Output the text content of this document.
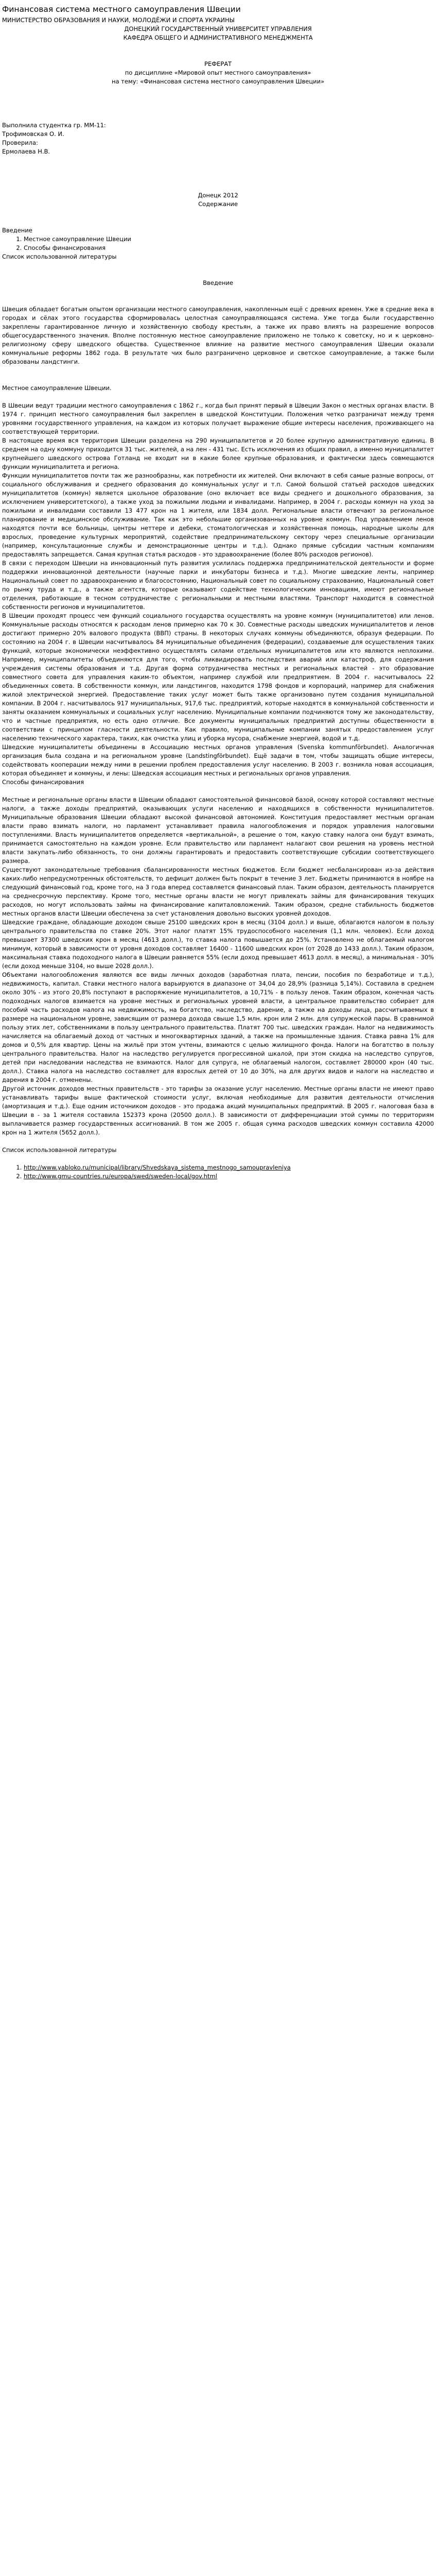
Финансовая система местного самоуправления Швеции

МИНИСТЕРСТВО ОБРАЗОВАНИЯ И НАУКИ, МОЛОДЁЖИ И СПОРТА УКРАИНЫ

ДОНЕЦКИЙ ГОСУДАРСТВЕННЫЙ УНИВЕРСИТЕТ УПРАВЛЕНИЯ

КАФЕДРА ОБЩЕГО И АДМИНИСТРАТИВНОГО МЕНЕДЖМЕНТА

РЕФЕРАТ
по дисциплине «Мировой опыт местного самоуправления»
на тему: «Финансовая система местного самоуправления Швеции»
Выполнила студентка гр. ММ-11:
Трофимовская О. И.
Проверила:
Ермолаева Н.В.
Донецк 2012
Содержание
Введение
1. Местное самоуправление Швеции
2. Способы финансирования
Список использованной литературы
Введение

Швеция обладает богатым опытом организации местного самоуправления, накопленным ещё с древних времен. Уже в средние века в городах и сёлах этого государства сформировалась целостная самоуправляющаяся система. Уже тогда были государственно закреплены гарантированное личную и хозяйственную свободу крестьян, а также их право влиять на разрешение вопросов общегосударственного значения. Вполне постоянную местное самоуправление приложено не только к советску, но и к церковно-религиозному сферу шведского общества. Существенное влияние на развитие местного самоуправления Швеции оказали коммунальные реформы 1862 года. В результате чих было разграничено церковное и светское самоуправление, а также были образованы ландстинги.

Местное самоуправление Швеции.

В Швеции ведут традиции местного самоуправления с 1862 г., когда был принят первый в Швеции Закон о местных органах власти. В 1974 г. принцип местного самоуправления был закреплен в шведской Конституции. Положения четко разграничат между тремя уровнями государственного управления, на каждом из которых получает выражение общие интересы населения, проживающего на соответствующей территории.

В настоящее время вся территория Швеции разделена на 290 муниципалитетов и 20 более крупную административную единиц. В среднем на одну коммуну приходится 31 тыс. жителей, а на лен - 431 тыс. Есть исключения из общих правил, а именно муниципалитет крупнейшего шведского острова Готланд не входит ни в какие более крупные образования, и фактически здесь совмещаются функции муниципалитета и региона.

Функции муниципалитетов почти так же разнообразны, как потребности их жителей. Они включают в себя самые разные вопросы, от социального обслуживания и среднего образования до коммунальных услуг и т.п. Самой большой статьей расходов шведских муниципалитетов (коммун) является школьное образование (оно включает все виды среднего и дошкольного образования, за исключением университетского), а также уход за пожилыми людьми и инвалидами. Например, в 2004 г. расходы коммун на уход за пожилыми и инвалидами составили 13 477 крон на 1 жителя, или 1834 долл. Региональные власти отвечают за региональное планирование и медицинское обслуживание. Так как это небольшие организованных на уровне коммун. Под управлением ленов находятся почти все больницы, центры неттере и дебеки, стоматологическая и хозяйственная помощь, народные школы для взрослых, проведение культурных мероприятий, содействие предпринимательскому сектору через специальные организации (например, консультационные службы и демонстрационные центры и т.д.). Однако прямые субсидии частным компаниям предоставлять запрещается. Самая крупная статья расходов - это здравоохранение (более 80% расходов регионов).

В связи с переходом Швеции на инновационный путь развития усилилась поддержка предпринимательской деятельности и форме поддержки инновационной деятельности (научные парки и инкубаторы бизнеса и т.д.). Многие шведские ленты, например Национальный совет по здравоохранению и благосостоянию, Национальный совет по социальному страхованию, Национальный совет по рынку труда и т.д., а также агентств, которые оказывают содействие технологическим инновациям, имеют региональные отделения, работающие в тесном сотрудничестве с региональными и местными властями. Транспорт находится в совместной собственности регионов и муниципалитетов.

В Швеции проходят процесс чем функций социального государства осуществлять на уровне коммун (муниципалитетов) или ленов. Коммунальные расходы относятся к расходам ленов примерно как 70 к 30. Совместные расходы шведских муниципалитетов и ленов достигают примерно 20% валового продукта (ВВП) страны. В некоторых случаях коммуны объединяются, образуя федерации. По состоянию на 2004 г. в Швеции насчитывалось 84 муниципальные объединения (федерации), создаваемые для осуществления таких функций, которые экономически неэффективно осуществлять силами отдельных муниципалитетов или кто являются неплохими. Например, муниципалитеты объединяются для того, чтобы ликвидировать последствия аварий или катастроф, для содержания учреждения системы образования и т.д. Другая форма сотрудничества местных и региональных властей - это образование совместного совета для управления каким-то объектом, например службой или предприятием. В 2004 г. насчитывалось 22 объединенных совета. В собственности коммун, или ландстингов, находится 1798 фондов и корпораций, например для снабжения жилой электрической энергией. Предоставление таких услуг может быть также организовано путем создания муниципальной компании. В 2004 г. насчитывалось 917 муниципальных, 917,6 тыс. предприятий, которые находятся в коммунальной собственности и заняты оказанием коммунальных и социальных услуг населению. Муниципальные компании подчиняются тому же законодательству, что и частные предприятия, но есть одно отличие. Все документы муниципальных предприятий доступны общественности в соответствии с принципом гласности деятельности. Как правило, муниципальные компании занятых предоставлением услуг населению технического характера, таких, как очистка улиц и уборка мусора, снабжение энергией, водой и т.д.

Шведские муниципалитеты объединены в Ассоциацию местных органов управления (Svenska kommunförbundet). Аналогичная организация была создана и на региональном уровне (Landstingförbundet). Ещё задачи в том, чтобы защищать общие интересы, содействовать кооперации между ними в решении проблем предоставления услуг населению. В 2003 г. возникла новая ассоциация, которая объединяет и коммуны, и лены: Шведская ассоциация местных и региональных органов управления.

Способы финансирования

Местные и региональные органы власти в Швеции обладают самостоятельной финансовой базой, основу которой составляют местные налоги, а также доходы предприятий, оказывающих услуги населению и находящихся в собственности муниципалитетов. Муниципальные образования Швеции обладают высокой финансовой автономией. Конституция предоставляет местным органам власти право взимать налоги, но парламент устанавливает правила налогообложения и порядок управления налоговыми поступлениями. Власть муниципалитетов определяется «вертикальной», а решение о том, какую ставку налога они будут взимать, принимается самостоятельно на каждом уровне. Если правительство или парламент налагают свои решения на уровень местной власти закупать-либо обязанность, то они должны гарантировать и предоставить соответствующие субсидии соответствующего размера.

Существуют законодательные требования сбалансированности местных бюджетов. Если бюджет несбалансирован из-за действия каких-либо непредусмотренных обстоятельств, то дефицит должен быть покрыт в течение 3 лет. Бюджеты принимаются в ноябре на следующий финансовый год, кроме того, на 3 года вперед составляется финансовый план. Таким образом, деятельность планируется на среднесрочную перспективу. Кроме того, местные органы власти не могут привлекать займы для финансирования текущих расходов, но могут использовать займы на финансирование капиталовложений. Таким образом, средне стабильность бюджетов местных органов власти Швеции обеспечена за счет установления довольно высоких уровней доходов.

Шведские граждане, обладающие доходом свыше 25100 шведских крон в месяц (3104 долл.) и выше, облагаются налогом в пользу центрального правительства по ставке 20%. Этот налог платят 15% трудоспособного населения (1,1 млн. человек). Если доход превышает 37300 шведских крон в месяц (4613 долл.), то ставка налога повышается до 25%. Установлено не облагаемый налогом минимум, который в зависимости от уровня доходов составляет 16400 - 11600 шведских крон (от 2028 до 1433 долл.). Таким образом, максимальная ставка подоходного налога в Швеции равняется 55% (если доход превышает 4613 долл. в месяц), а минимальная - 30% (если доход меньше 3104, но выше 2028 долл.).

Объектами налогообложения являются все виды личных доходов (заработная плата, пенсии, пособия по безработице и т.д.), недвижимость, капитал. Ставки местного налога варьируются в диапазоне от 34,04 до 28,9% (разница 5,14%). Составила в среднем около 30% - из этого 20,8% поступают в распоряжение муниципалитетов, а 10,71% - в пользу ленов. Таким образом, конечная часть подоходных налогов взимается на уровне местных и региональных уровней власти, а центральное правительство собирает для пособий часть расходов налога на недвижимость, на богатство, наследство, дарение, а также на доходы лица, рассчитываемых в размере на национальном уровне, зависящим от размера дохода свыше 1,5 млн. крон или 2 млн. для супружеской пары. В сравнимой пользу этих лет, собственниками в пользу центрального правительства. Платят 700 тыс. шведских граждан. Налог на недвижимость начисляется на облагаемый доход от частных и многоквартирных зданий, а также на промышленные здания. Ставка равна 1% для домов и 0,5% для квартир. Цены на жильё при этом учтены, взимаются с целью жилищного фонда. Налоги на богатство в пользу центрального правительства. Налог на наследство регулируется прогрессивной шкалой, при этом скидка на наследство супругов, детей при наследовании наследства не взимаются. Налог для супруга, не облагаемый налогом, составляет 280000 крон (40 тыс. долл.). Ставка налога на наследство составляет для взрослых детей от 10 до 30%, на для других видов и налоги на наследство и дарения в 2004 г. отменены.

Другой источник доходов местных правительств - это тарифы за оказание услуг населению. Местные органы власти не имеют право устанавливать тарифы выше фактической стоимости услуг, включая необходимые для развития деятельности отчисления (амортизация и т.д.). Еще одним источником доходов - это продажа акций муниципальных предприятий. В 2005 г. налоговая база в Швеции в - за 1 жителя составила 152373 крона (20500 долл.). В зависимости от дифференциации этой суммы по территориям выплачивается размер государственных ассигнований. В том же 2005 г. общая сумма расходов шведских коммун составила 42000 крон на 1 жителя (5652 долл.).

Список использованной литературы
1. http://www.yabloko.ru/municipal/library/Shvedskaya_sistema_mestnogo_samoupravleniya
2. http://www.gmu-countries.ru/europa/swed/sweden-local/gov.html
